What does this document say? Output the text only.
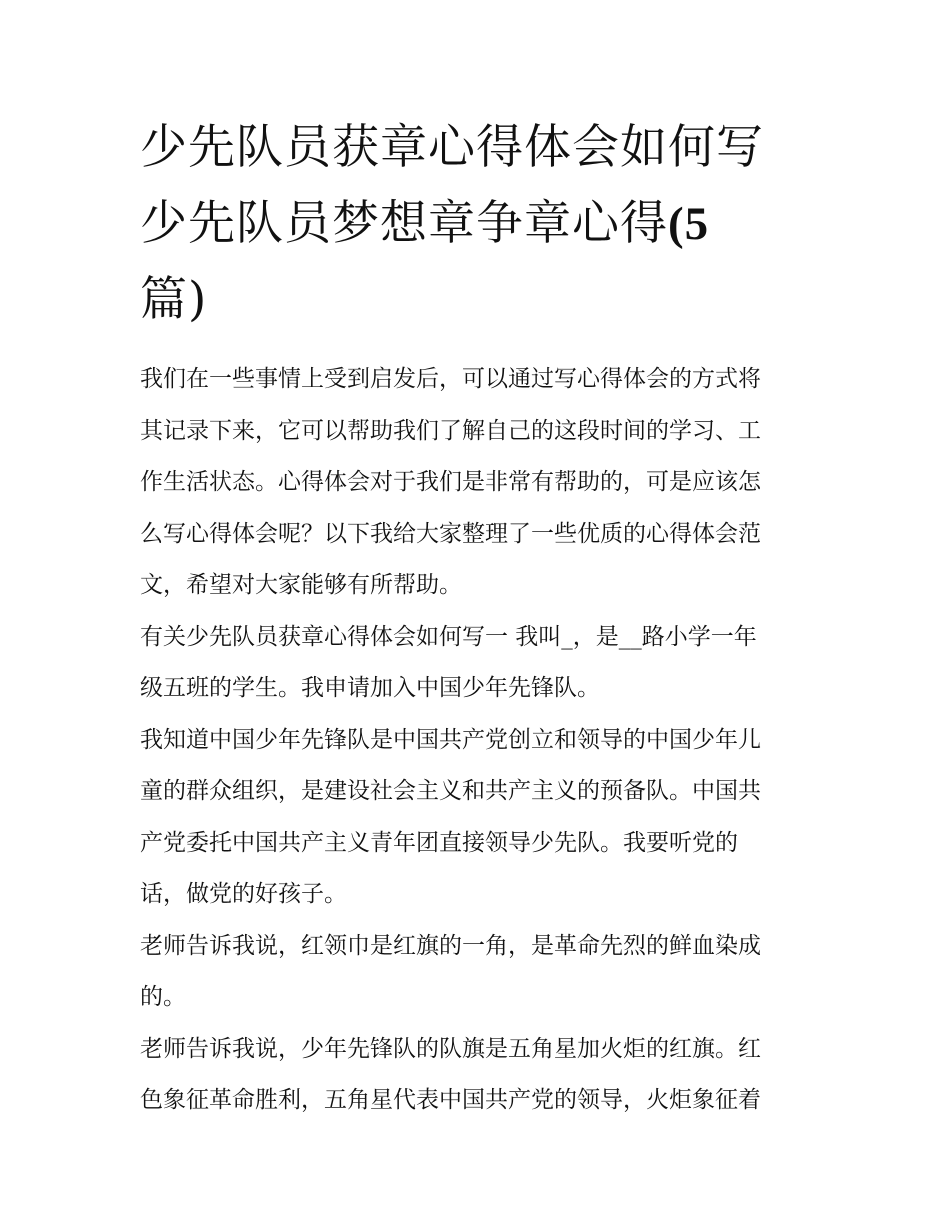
少先队员获章心得体会如何写
少先队员梦想章争章心得(5
篇)

我们在一些事情上受到启发后，可以通过写心得体会的方式将
其记录下来，它可以帮助我们了解自己的这段时间的学习、工
作生活状态。心得体会对于我们是非常有帮助的，可是应该怎
么写心得体会呢？以下我给大家整理了一些优质的心得体会范
文，希望对大家能够有所帮助。

有关少先队员获章心得体会如何写一 我叫_，是__路小学一年
级五班的学生。我申请加入中国少年先锋队。

我知道中国少年先锋队是中国共产党创立和领导的中国少年儿
童的群众组织，是建设社会主义和共产主义的预备队。中国共
产党委托中国共产主义青年团直接领导少先队。我要听党的
话，做党的好孩子。

老师告诉我说，红领巾是红旗的一角，是革命先烈的鲜血染成
的。

老师告诉我说，少年先锋队的队旗是五角星加火炬的红旗。红
色象征革命胜利，五角星代表中国共产党的领导，火炬象征着
